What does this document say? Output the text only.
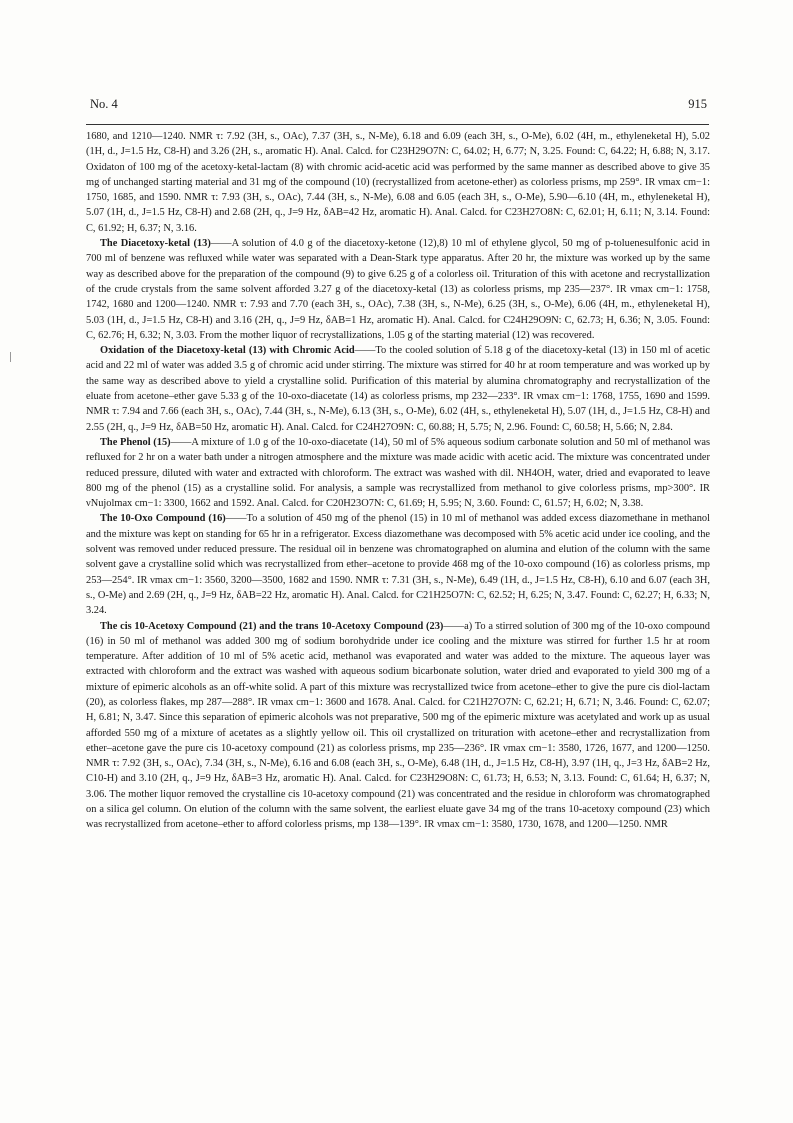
No. 4	915

1680, and 1210—1240. NMR τ: 7.92 (3H, s., OAc), 7.37 (3H, s., N-Me), 6.18 and 6.09 (each 3H, s., O-Me), 6.02 (4H, m., ethyleneketal H), 5.02 (1H, d., J=1.5 Hz, C8-H) and 3.26 (2H, s., aromatic H). Anal. Calcd. for C23H29O7N: C, 64.02; H, 6.77; N, 3.25. Found: C, 64.22; H, 6.88; N, 3.17. Oxidaton of 100 mg of the acetoxy-ketal-lactam (8) with chromic acid-acetic acid was performed by the same manner as described above to give 35 mg of unchanged starting material and 31 mg of the compound (10) (recrystallized from acetone-ether) as colorless prisms, mp 259°. IR νmax cm−1: 1750, 1685, and 1590. NMR τ: 7.93 (3H, s., OAc), 7.44 (3H, s., N-Me), 6.08 and 6.05 (each 3H, s., O-Me), 5.90—6.10 (4H, m., ethyleneketal H), 5.07 (1H, d., J=1.5 Hz, C8-H) and 2.68 (2H, q., J=9 Hz, δAB=42 Hz, aromatic H). Anal. Calcd. for C23H27O8N: C, 62.01; H, 6.11; N, 3.14. Found: C, 61.92; H, 6.37; N, 3.16.

The Diacetoxy-ketal (13)——A solution of 4.0 g of the diacetoxy-ketone (12),8) 10 ml of ethylene glycol, 50 mg of p-toluenesulfonic acid in 700 ml of benzene was refluxed while water was separated with a Dean-Stark type apparatus. After 20 hr, the mixture was worked up by the same way as described above for the preparation of the compound (9) to give 6.25 g of a colorless oil. Trituration of this with acetone and recrystallization of the crude crystals from the same solvent afforded 3.27 g of the diacetoxy-ketal (13) as colorless prisms, mp 235—237°. IR νmax cm−1: 1758, 1742, 1680 and 1200—1240. NMR τ: 7.93 and 7.70 (each 3H, s., OAc), 7.38 (3H, s., N-Me), 6.25 (3H, s., O-Me), 6.06 (4H, m., ethyleneketal H), 5.03 (1H, d., J=1.5 Hz, C8-H) and 3.16 (2H, q., J=9 Hz, δAB=1 Hz, aromatic H). Anal. Calcd. for C24H29O9N: C, 62.73; H, 6.36; N, 3.05. Found: C, 62.76; H, 6.32; N, 3.03. From the mother liquor of recrystallizations, 1.05 g of the starting material (12) was recovered.

Oxidation of the Diacetoxy-ketal (13) with Chromic Acid——To the cooled solution of 5.18 g of the diacetoxy-ketal (13) in 150 ml of acetic acid and 22 ml of water was added 3.5 g of chromic acid under stirring. The mixture was stirred for 40 hr at room temperature and was worked up by the same way as described above to yield a crystalline solid. Purification of this material by alumina chromatography and recrystallization of the eluate from acetone–ether gave 5.33 g of the 10-oxo-diacetate (14) as colorless prisms, mp 232—233°. IR νmax cm−1: 1768, 1755, 1690 and 1599. NMR τ: 7.94 and 7.66 (each 3H, s., OAc), 7.44 (3H, s., N-Me), 6.13 (3H, s., O-Me), 6.02 (4H, s., ethyleneketal H), 5.07 (1H, d., J=1.5 Hz, C8-H) and 2.55 (2H, q., J=9 Hz, δAB=50 Hz, aromatic H). Anal. Calcd. for C24H27O9N: C, 60.88; H, 5.75; N, 2.96. Found: C, 60.58; H, 5.66; N, 2.84.

The Phenol (15)——A mixture of 1.0 g of the 10-oxo-diacetate (14), 50 ml of 5% aqueous sodium carbonate solution and 50 ml of methanol was refluxed for 2 hr on a water bath under a nitrogen atmosphere and the mixture was made acidic with acetic acid. The mixture was concentrated under reduced pressure, diluted with water and extracted with chloroform. The extract was washed with dil. NH4OH, water, dried and evaporated to leave 800 mg of the phenol (15) as a crystalline solid. For analysis, a sample was recrystallized from methanol to give colorless prisms, mp>300°. IR νNujolmax cm−1: 3300, 1662 and 1592. Anal. Calcd. for C20H23O7N: C, 61.69; H, 5.95; N, 3.60. Found: C, 61.57; H, 6.02; N, 3.38.

The 10-Oxo Compound (16)——To a solution of 450 mg of the phenol (15) in 10 ml of methanol was added excess diazomethane in methanol and the mixture was kept on standing for 65 hr in a refrigerator. Excess diazomethane was decomposed with 5% acetic acid under ice cooling, and the solvent was removed under reduced pressure. The residual oil in benzene was chromatographed on alumina and elution of the column with the same solvent gave a crystalline solid which was recrystallized from ether–acetone to provide 468 mg of the 10-oxo compound (16) as colorless prisms, mp 253—254°. IR νmax cm−1: 3560, 3200—3500, 1682 and 1590. NMR τ: 7.31 (3H, s., N-Me), 6.49 (1H, d., J=1.5 Hz, C8-H), 6.10 and 6.07 (each 3H, s., O-Me) and 2.69 (2H, q., J=9 Hz, δAB=22 Hz, aromatic H). Anal. Calcd. for C21H25O7N: C, 62.52; H, 6.25; N, 3.47. Found: C, 62.27; H, 6.33; N, 3.24.

The cis 10-Acetoxy Compound (21) and the trans 10-Acetoxy Compound (23)——a) To a stirred solution of 300 mg of the 10-oxo compound (16) in 50 ml of methanol was added 300 mg of sodium borohydride under ice cooling and the mixture was stirred for further 1.5 hr at room temperature. After addition of 10 ml of 5% acetic acid, methanol was evaporated and water was added to the mixture. The aqueous layer was extracted with chloroform and the extract was washed with aqueous sodium bicarbonate solution, water dried and evaporated to yield 300 mg of a mixture of epimeric alcohols as an off-white solid. A part of this mixture was recrystallized twice from acetone–ether to give the pure cis diol-lactam (20), as colorless flakes, mp 287—288°. IR νmax cm−1: 3600 and 1678. Anal. Calcd. for C21H27O7N: C, 62.21; H, 6.71; N, 3.46. Found: C, 62.07; H, 6.81; N, 3.47. Since this separation of epimeric alcohols was not preparative, 500 mg of the epimeric mixture was acetylated and work up as usual afforded 550 mg of a mixture of acetates as a slightly yellow oil. This oil crystallized on trituration with acetone–ether and recrystallization from ether–acetone gave the pure cis 10-acetoxy compound (21) as colorless prisms, mp 235—236°. IR νmax cm−1: 3580, 1726, 1677, and 1200—1250. NMR τ: 7.92 (3H, s., OAc), 7.34 (3H, s., N-Me), 6.16 and 6.08 (each 3H, s., O-Me), 6.48 (1H, d., J=1.5 Hz, C8-H), 3.97 (1H, q., J=3 Hz, δAB=2 Hz, C10-H) and 3.10 (2H, q., J=9 Hz, δAB=3 Hz, aromatic H). Anal. Calcd. for C23H29O8N: C, 61.73; H, 6.53; N, 3.13. Found: C, 61.64; H, 6.37; N, 3.06. The mother liquor removed the crystalline cis 10-acetoxy compound (21) was concentrated and the residue in chloroform was chromatographed on a silica gel column. On elution of the column with the same solvent, the earliest eluate gave 34 mg of the trans 10-acetoxy compound (23) which was recrystallized from acetone–ether to afford colorless prisms, mp 138—139°. IR νmax cm−1: 3580, 1730, 1678, and 1200—1250. NMR
